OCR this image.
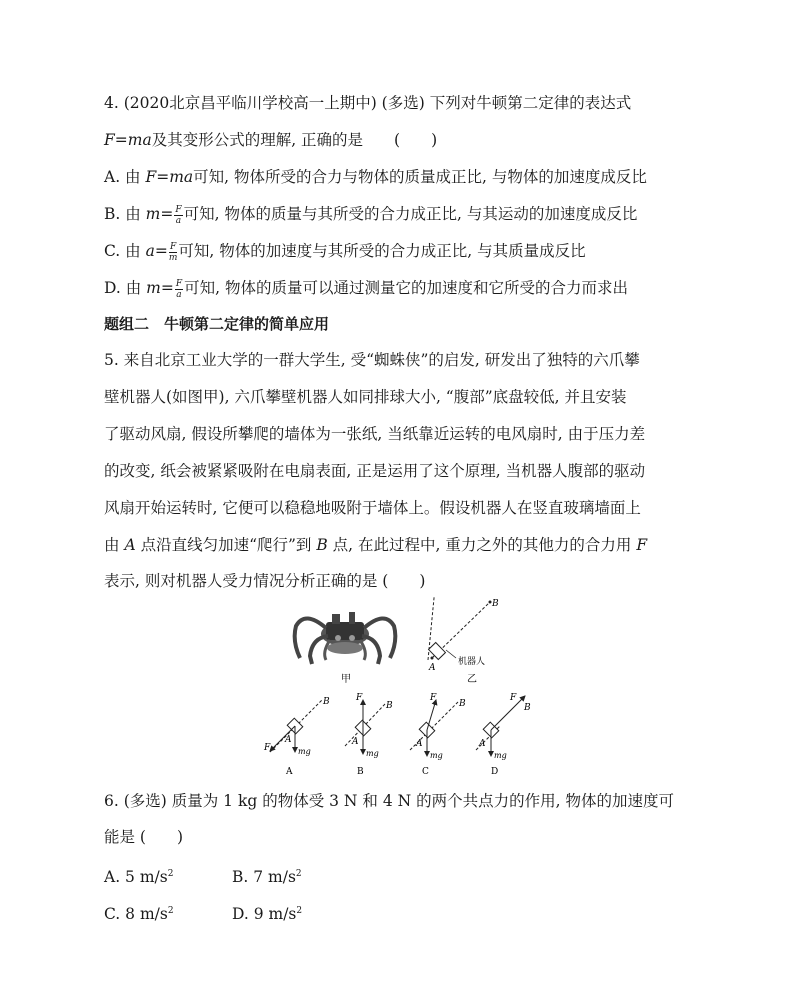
4. (2020北京昌平临川学校高一上期中) (多选) 下列对牛顿第二定律的表达式
F=ma及其变形公式的理解, 正确的是　　(　　)
A. 由 F=ma可知, 物体所受的合力与物体的质量成正比, 与物体的加速度成反比
B. 由 $m= \frac{F}{a}$ 可知, 物体的质量与其所受的合力成正比, 与其运动的加速度成反比
C. 由 $a= \frac{F}{m}$ 可知, 物体的加速度与其所受的合力成正比, 与其质量成反比
D. 由 $m= \frac{F}{a}$ 可知, 物体的质量可以通过测量它的加速度和它所受的合力而求出
题组二　牛顿第二定律的简单应用
5. 来自北京工业大学的一群大学生, 受“蜘蛛侠”的启发, 研发出了独特的六爪攀
壁机器人(如图甲), 六爪攀壁机器人如同排球大小, “腹部”底盘较低, 并且安装
了驱动风扇, 假设所攀爬的墙体为一张纸, 当纸靠近运转的电风扇时, 由于压力差
的改变, 纸会被紧紧吸附在电扇表面, 正是运用了这个原理, 当机器人腹部的驱动
风扇开始运转时, 它便可以稳稳地吸附于墙体上。假设机器人在竖直玻璃墙面上
由 A 点沿直线匀加速“爬行”到 B 点, 在此过程中, 重力之外的其他力的合力用 F
表示, 则对机器人受力情况分析正确的是 (　　)
甲
A
B
机器人
乙
B
A
F	mg
A
B
F
A
mg
B
B
F
A
mg
C
F
B
A
mg
D
6. (多选) 质量为 1 kg 的物体受 3 N 和 4 N 的两个共点力的作用, 物体的加速度可
能是 (　　)
A. 5 $m/s^2$	B. 7 $m/s^2$
C. 8 $m/s^2$	D. 9 $m/s^2$
